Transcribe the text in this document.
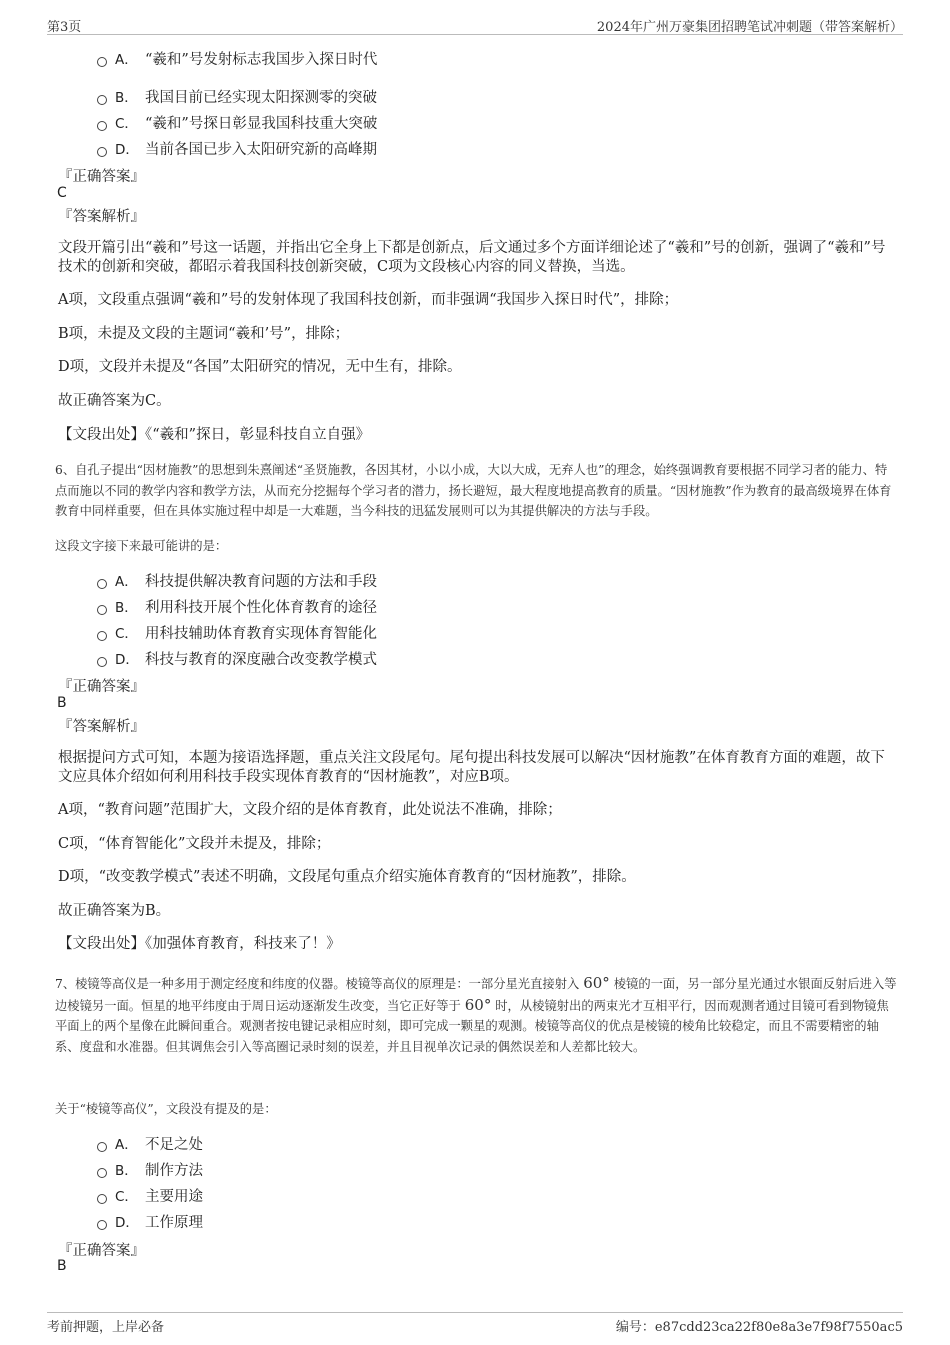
第3页	2024年广州万豪集团招聘笔试冲刺题（带答案解析）
A． “羲和”号发射标志我国步入探日时代
B． 我国目前已经实现太阳探测零的突破
C． “羲和”号探日彰显我国科技重大突破
D． 当前各国已步入太阳研究新的高峰期
『正确答案』
C
『答案解析』
文段开篇引出“羲和”号这一话题，并指出它全身上下都是创新点，后文通过多个方面详细论述了“羲和”号的创新，强调了“羲和”号技术的创新和突破，都昭示着我国科技创新突破，C项为文段核心内容的同义替换，当选。
A项，文段重点强调“羲和”号的发射体现了我国科技创新，而非强调“我国步入探日时代”，排除；
B项，未提及文段的主题词“羲和’号”，排除；
D项，文段并未提及“各国”太阳研究的情况，无中生有，排除。
故正确答案为C。
【文段出处】《“羲和”探日，彰显科技自立自强》
6、自孔子提出“因材施教”的思想到朱熹阐述“圣贤施教，各因其材，小以小成，大以大成，无弃人也”的理念，始终强调教育要根据不同学习者的能力、特点而施以不同的教学内容和教学方法，从而充分挖掘每个学习者的潜力，扬长避短，最大程度地提高教育的质量。“因材施教”作为教育的最高级境界在体育教育中同样重要，但在具体实施过程中却是一大难题，当今科技的迅猛发展则可以为其提供解决的方法与手段。
这段文字接下来最可能讲的是：
A． 科技提供解决教育问题的方法和手段
B． 利用科技开展个性化体育教育的途径
C． 用科技辅助体育教育实现体育智能化
D． 科技与教育的深度融合改变教学模式
『正确答案』
B
『答案解析』
根据提问方式可知，本题为接语选择题，重点关注文段尾句。尾句提出科技发展可以解决“因材施教”在体育教育方面的难题，故下文应具体介绍如何利用科技手段实现体育教育的“因材施教”，对应B项。
A项，“教育问题”范围扩大，文段介绍的是体育教育，此处说法不准确，排除；
C项，“体育智能化”文段并未提及，排除；
D项，“改变教学模式”表述不明确，文段尾句重点介绍实施体育教育的“因材施教”，排除。
故正确答案为B。
【文段出处】《加强体育教育，科技来了！》
7、棱镜等高仪是一种多用于测定经度和纬度的仪器。棱镜等高仪的原理是：一部分星光直接射入 60° 棱镜的一面，另一部分星光通过水银面反射后进入等边棱镜另一面。恒星的地平纬度由于周日运动逐渐发生改变，当它正好等于 60° 时，从棱镜射出的两束光才互相平行，因而观测者通过目镜可看到物镜焦平面上的两个星像在此瞬间重合。观测者按电键记录相应时刻，即可完成一颗星的观测。棱镜等高仪的优点是棱镜的棱角比较稳定，而且不需要精密的轴系、度盘和水准器。但其调焦会引入等高圈记录时刻的误差，并且目视单次记录的偶然误差和人差都比较大。
关于“棱镜等高仪”，文段没有提及的是：
A． 不足之处
B． 制作方法
C． 主要用途
D． 工作原理
『正确答案』
B
考前押题，上岸必备	编号：e87cdd23ca22f80e8a3e7f98f7550ac5
